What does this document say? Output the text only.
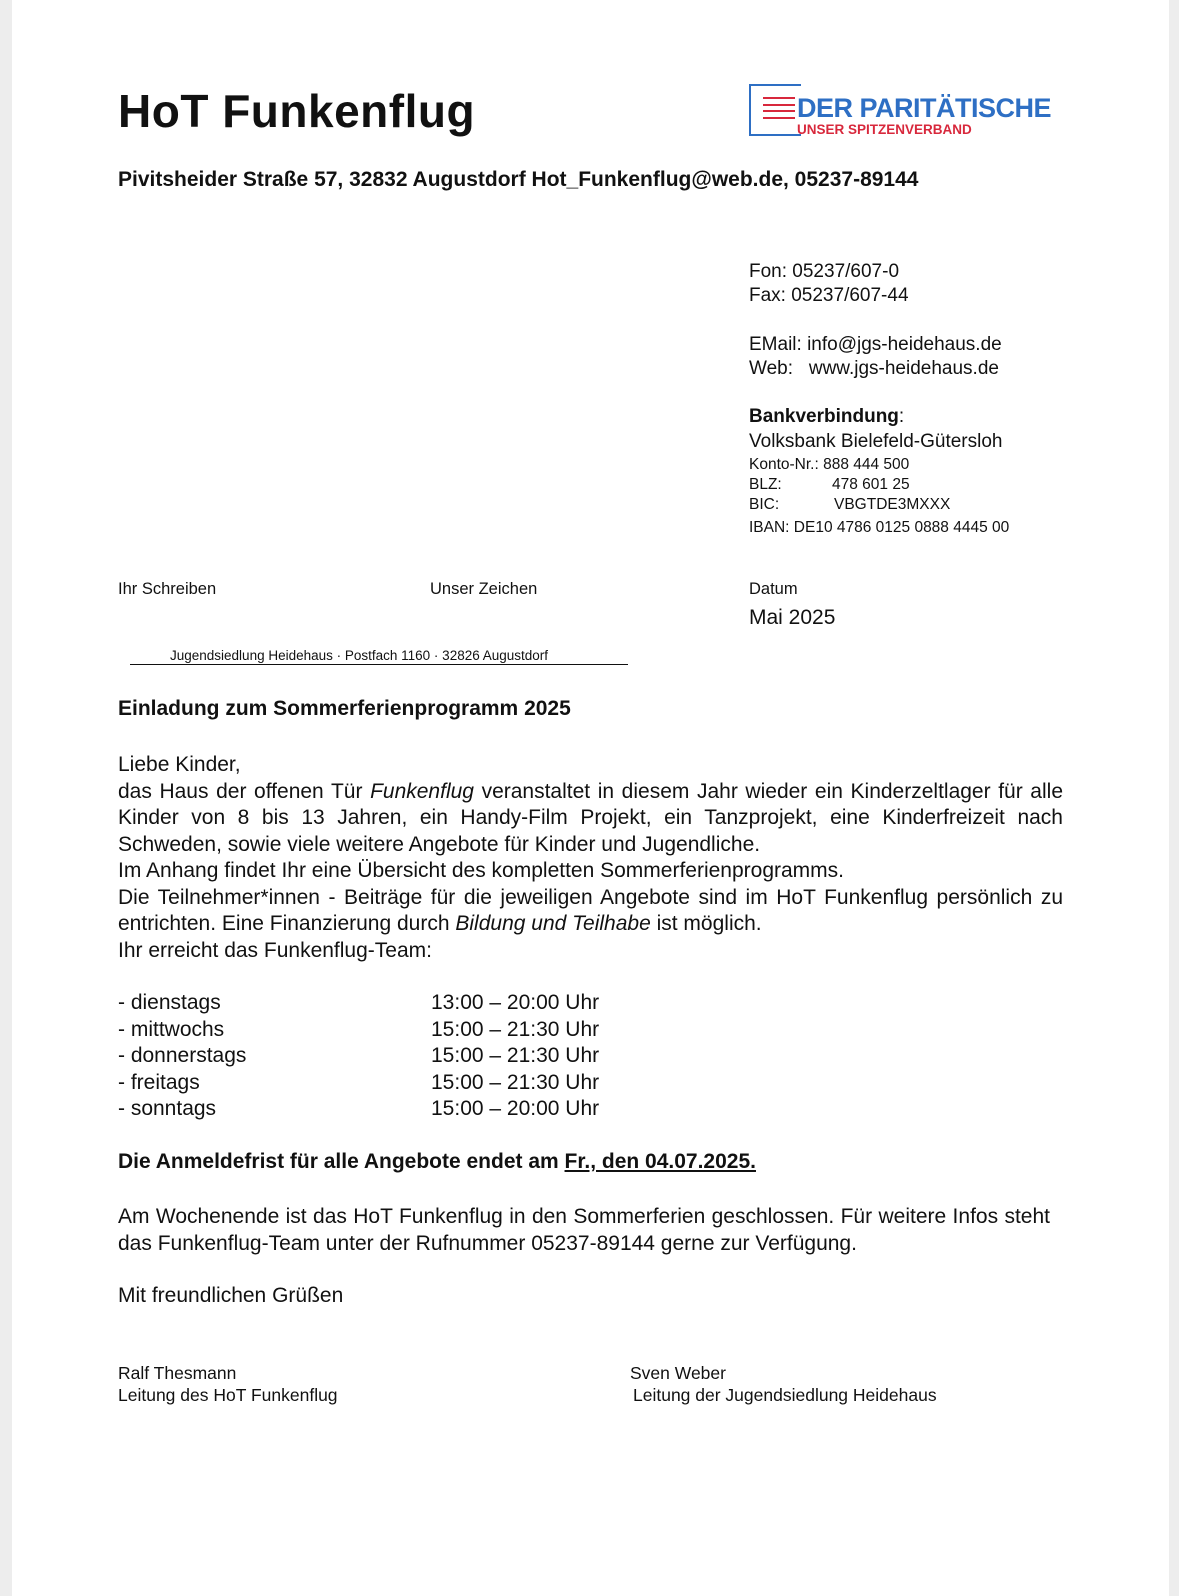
HoT Funkenflug	DER PARITÄTISCHE
UNSER SPITZENVERBAND
Pivitsheider Straße 57, 32832 Augustdorf Hot_Funkenflug@web.de, 05237-89144
Fon: 05237/607-0
Fax: 05237/607-44
EMail: info@jgs-heidehaus.de
Web: www.jgs-heidehaus.de
Bankverbindung:
Volksbank Bielefeld-Gütersloh
Konto-Nr.: 888 444 500
BLZ:	478 601 25
BIC:	VBGTDE3MXXX
IBAN: DE10 4786 0125 0888 4445 00
Ihr Schreiben	Unser Zeichen	Datum
Mai 2025
Jugendsiedlung Heidehaus · Postfach 1160 · 32826 Augustdorf
Einladung zum Sommerferienprogramm 2025

Liebe Kinder,

das Haus der offenen Tür Funkenflug veranstaltet in diesem Jahr wieder ein Kinderzeltlager für alle Kinder von 8 bis 13 Jahren, ein Handy-Film Projekt, ein Tanzprojekt, eine Kinderfreizeit nach Schweden, sowie viele weitere Angebote für Kinder und Jugendliche.

Im Anhang findet Ihr eine Übersicht des kompletten Sommerferienprogramms.

Die Teilnehmer*innen - Beiträge für die jeweiligen Angebote sind im HoT Funkenflug persönlich zu entrichten. Eine Finanzierung durch Bildung und Teilhabe ist möglich.

Ihr erreicht das Funkenflug-Team:

- dienstags	13:00 – 20:00 Uhr
- mittwochs	15:00 – 21:30 Uhr
- donnerstags	15:00 – 21:30 Uhr
- freitags	15:00 – 21:30 Uhr
- sonntags	15:00 – 20:00 Uhr
Die Anmeldefrist für alle Angebote endet am Fr., den 04.07.2025.
Am Wochenende ist das HoT Funkenflug in den Sommerferien geschlossen. Für weitere Infos steht das Funkenflug-Team unter der Rufnummer 05237-89144 gerne zur Verfügung.
Mit freundlichen Grüßen
Ralf Thesmann
Leitung des HoT Funkenflug
Sven Weber
Leitung der Jugendsiedlung Heidehaus
